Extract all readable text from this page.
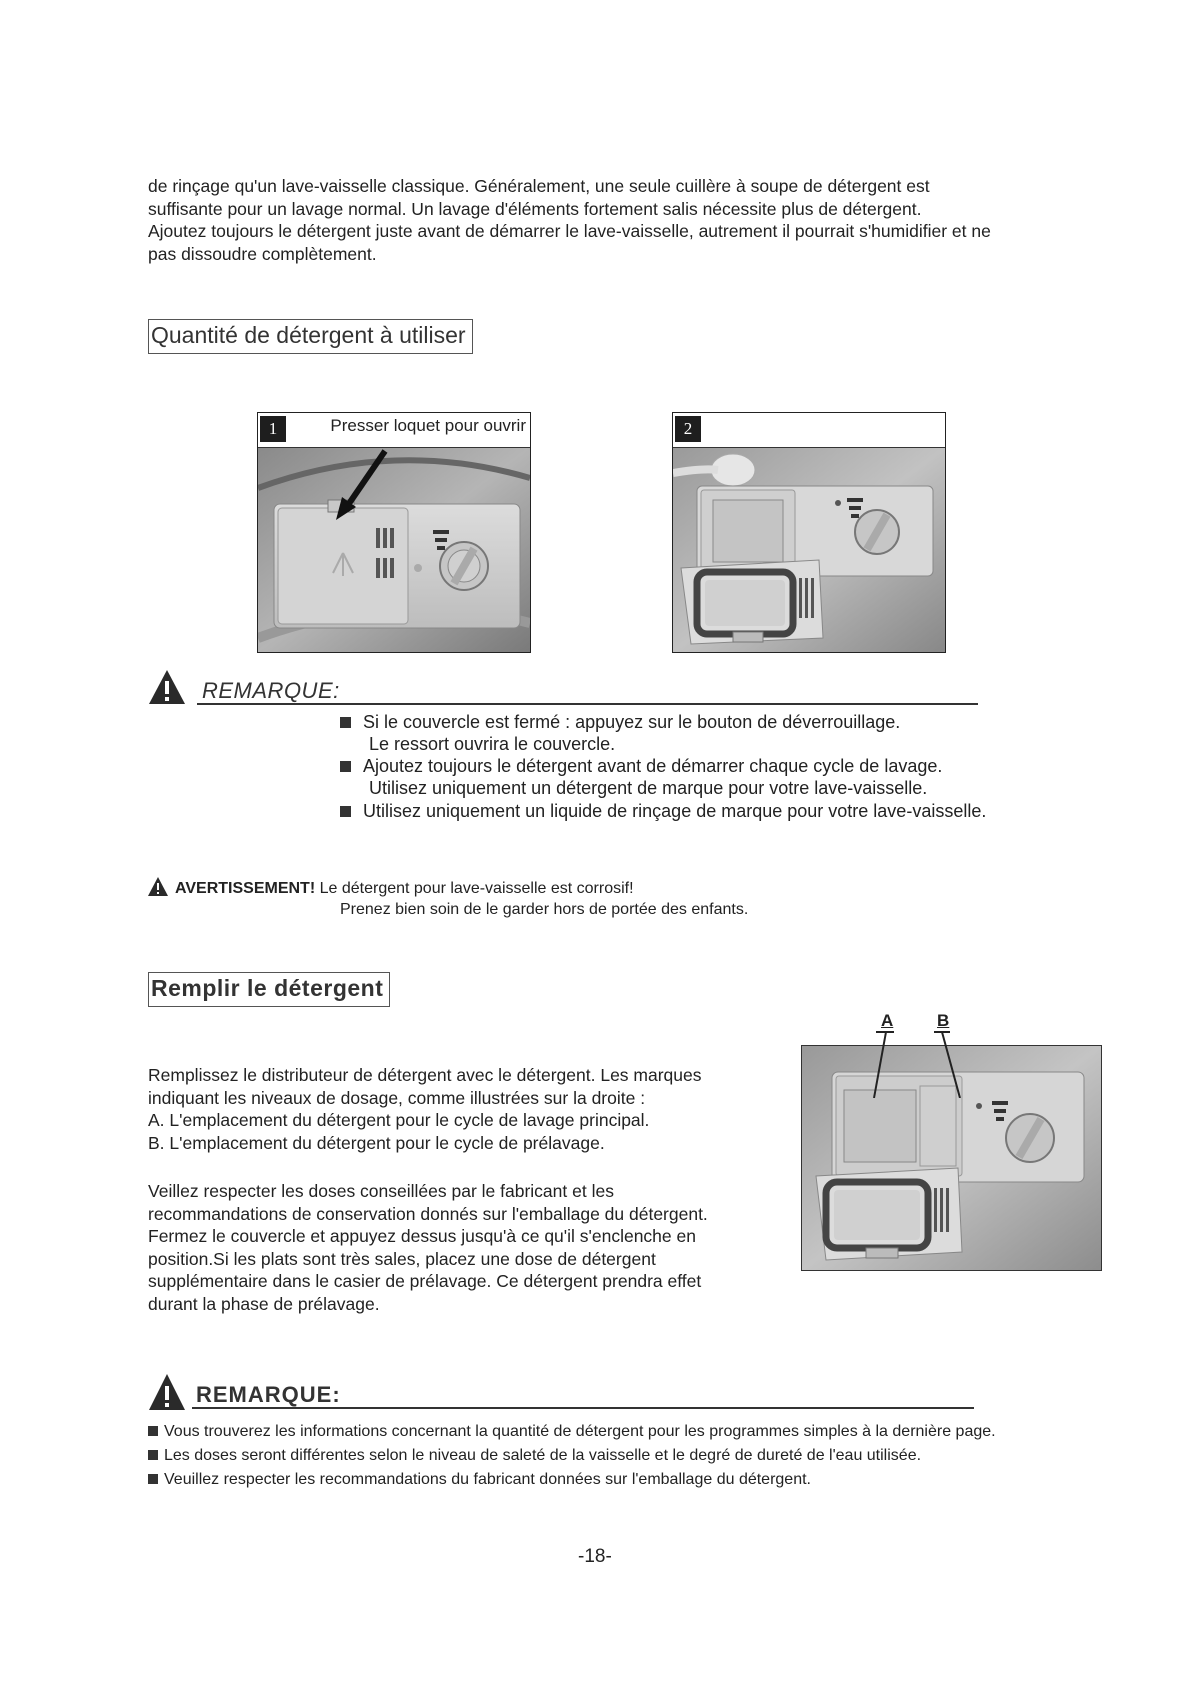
de rinçage qu'un lave-vaisselle classique. Généralement, une seule cuillère à soupe de détergent est
suffisante pour un lavage normal. Un lavage d'éléments fortement salis nécessite plus de détergent.
Ajoutez toujours le détergent juste avant de démarrer le lave-vaisselle, autrement il pourrait s'humidifier et ne
pas dissoudre complètement.
Quantité de détergent à utiliser
1	Presser loquet pour ouvrir	2
REMARQUE:
Si le couvercle est fermé : appuyez sur le bouton de déverrouillage.
Le ressort ouvrira le couvercle.
Ajoutez toujours le détergent avant de démarrer chaque cycle de lavage.
Utilisez uniquement un détergent de marque pour votre lave-vaisselle.
Utilisez uniquement un liquide de rinçage de marque pour votre lave-vaisselle.
AVERTISSEMENT! Le détergent pour lave-vaisselle est corrosif!
Prenez bien soin de le garder hors de portée des enfants.
Remplir le détergent
A	B
Remplissez le distributeur de détergent avec le détergent. Les marques
indiquant les niveaux de dosage, comme illustrées sur la droite :
A. L'emplacement du détergent pour le cycle de lavage principal.
B. L'emplacement du détergent pour le cycle de prélavage.
Veillez respecter les doses conseillées par le fabricant et les
recommandations de conservation donnés sur l'emballage du détergent.
Fermez le couvercle et appuyez dessus jusqu'à ce qu'il s'enclenche en
position.Si les plats sont très sales, placez une dose de détergent
supplémentaire dans le casier de prélavage. Ce détergent prendra effet
durant la phase de prélavage.
REMARQUE:
Vous trouverez les informations concernant la quantité de détergent pour les programmes simples à la dernière page.
Les doses seront différentes selon le niveau de saleté de la vaisselle et le degré de dureté de l'eau utilisée.
Veuillez respecter les recommandations du fabricant données sur l'emballage du détergent.
-18-
